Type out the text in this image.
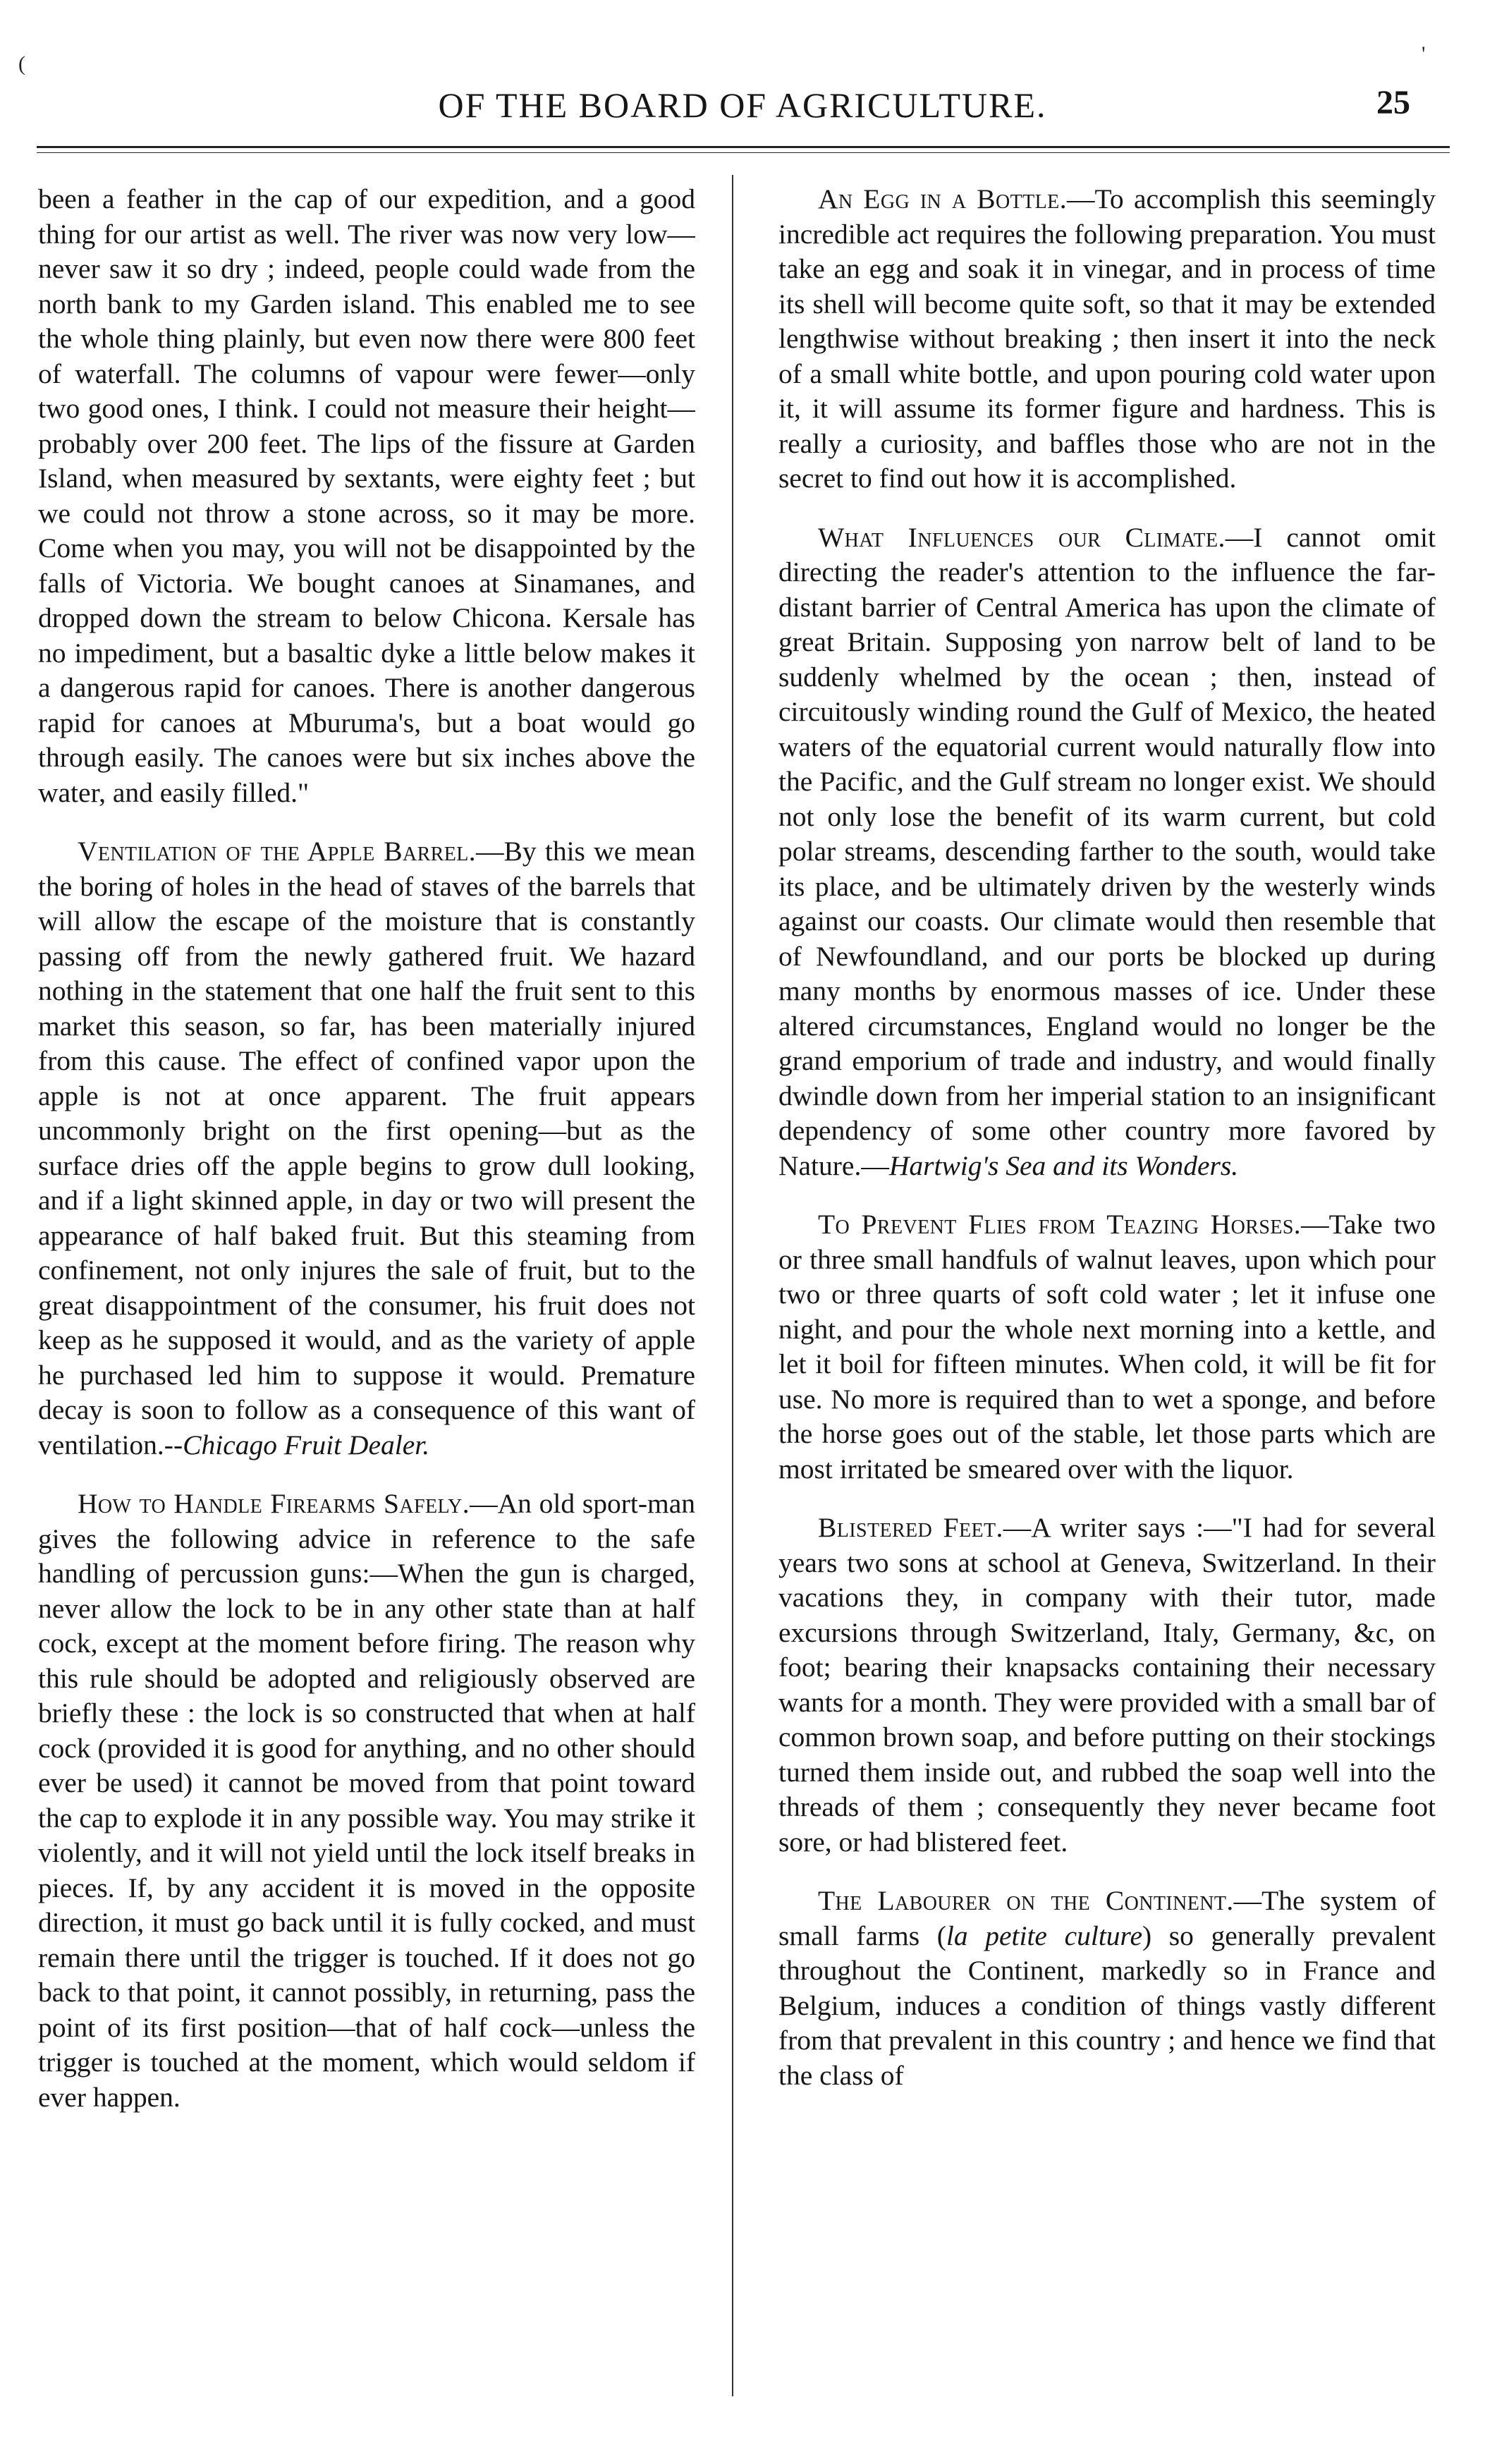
(	'
OF THE BOARD OF AGRICULTURE.	25

been a feather in the cap of our expedition, and a good thing for our artist as well. The river was now very low—never saw it so dry ; indeed, people could wade from the north bank to my Garden island. This enabled me to see the whole thing plainly, but even now there were 800 feet of waterfall. The columns of vapour were fewer—only two good ones, I think. I could not measure their height—probably over 200 feet. The lips of the fissure at Garden Island, when measured by sextants, were eighty feet ; but we could not throw a stone across, so it may be more. Come when you may, you will not be disappointed by the falls of Victoria. We bought canoes at Sinamanes, and dropped down the stream to below Chicona. Kersale has no impediment, but a basaltic dyke a little below makes it a dangerous rapid for canoes. There is another dangerous rapid for canoes at Mburuma's, but a boat would go through easily. The canoes were but six inches above the water, and easily filled."

Ventilation of the Apple Barrel.—By this we mean the boring of holes in the head of staves of the barrels that will allow the escape of the moisture that is constantly passing off from the newly gathered fruit. We hazard nothing in the statement that one half the fruit sent to this market this season, so far, has been materially injured from this cause. The effect of confined vapor upon the apple is not at once apparent. The fruit appears uncommonly bright on the first opening—but as the surface dries off the apple begins to grow dull looking, and if a light skinned apple, in day or two will present the appearance of half baked fruit. But this steaming from confinement, not only injures the sale of fruit, but to the great disappointment of the consumer, his fruit does not keep as he supposed it would, and as the variety of apple he purchased led him to suppose it would. Premature decay is soon to follow as a consequence of this want of ventilation.--Chicago Fruit Dealer.

How to Handle Firearms Safely.—An old sport-man gives the following advice in reference to the safe handling of percussion guns:—When the gun is charged, never allow the lock to be in any other state than at half cock, except at the moment before firing. The reason why this rule should be adopted and religiously observed are briefly these : the lock is so constructed that when at half cock (provided it is good for anything, and no other should ever be used) it cannot be moved from that point toward the cap to explode it in any possible way. You may strike it violently, and it will not yield until the lock itself breaks in pieces. If, by any accident it is moved in the opposite direction, it must go back until it is fully cocked, and must remain there until the trigger is touched. If it does not go back to that point, it cannot possibly, in returning, pass the point of its first position—that of half cock—unless the trigger is touched at the moment, which would seldom if ever happen.

An Egg in a Bottle.—To accomplish this seemingly incredible act requires the following preparation. You must take an egg and soak it in vinegar, and in process of time its shell will become quite soft, so that it may be extended lengthwise without breaking ; then insert it into the neck of a small white bottle, and upon pouring cold water upon it, it will assume its former figure and hardness. This is really a curiosity, and baffles those who are not in the secret to find out how it is accomplished.

What Influences our Climate.—I cannot omit directing the reader's attention to the influence the far-distant barrier of Central America has upon the climate of great Britain. Supposing yon narrow belt of land to be suddenly whelmed by the ocean ; then, instead of circuitously winding round the Gulf of Mexico, the heated waters of the equatorial current would naturally flow into the Pacific, and the Gulf stream no longer exist. We should not only lose the benefit of its warm current, but cold polar streams, descending farther to the south, would take its place, and be ultimately driven by the westerly winds against our coasts. Our climate would then resemble that of Newfoundland, and our ports be blocked up during many months by enormous masses of ice. Under these altered circumstances, England would no longer be the grand emporium of trade and industry, and would finally dwindle down from her imperial station to an insignificant dependency of some other country more favored by Nature.—Hartwig's Sea and its Wonders.

To Prevent Flies from Teazing Horses.—Take two or three small handfuls of walnut leaves, upon which pour two or three quarts of soft cold water ; let it infuse one night, and pour the whole next morning into a kettle, and let it boil for fifteen minutes. When cold, it will be fit for use. No more is required than to wet a sponge, and before the horse goes out of the stable, let those parts which are most irritated be smeared over with the liquor.

Blistered Feet.—A writer says :—"I had for several years two sons at school at Geneva, Switzerland. In their vacations they, in company with their tutor, made excursions through Switzerland, Italy, Germany, &c, on foot; bearing their knapsacks containing their necessary wants for a month. They were provided with a small bar of common brown soap, and before putting on their stockings turned them inside out, and rubbed the soap well into the threads of them ; consequently they never became foot sore, or had blistered feet.

The Labourer on the Continent.—The system of small farms (la petite culture) so generally prevalent throughout the Continent, markedly so in France and Belgium, induces a condition of things vastly different from that prevalent in this country ; and hence we find that the class of
